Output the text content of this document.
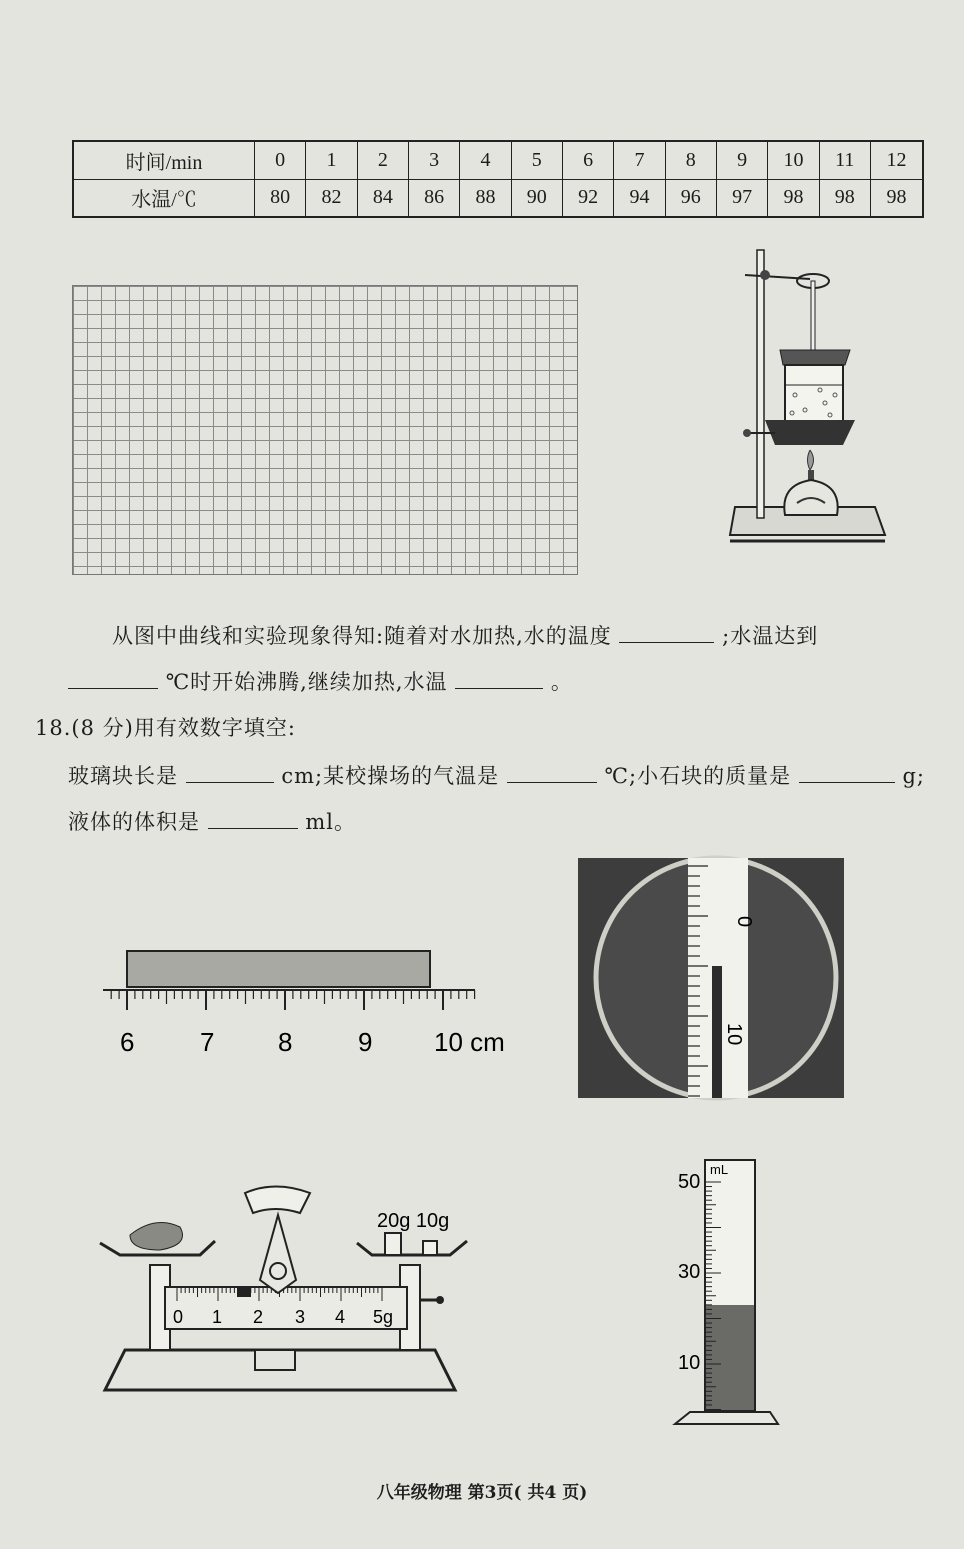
时间/min	0	1	2	3	4	5	6	7	8	9	10	11	12
水温/℃	80	82	84	86	88	90	92	94	96	97	98	98	98
从图中曲线和实验现象得知:随着对水加热,水的温度	;水温达到
℃时开始沸腾,继续加热,水温	。
18.(8 分)用有效数字填空:
玻璃块长是	cm;某校操场的气温是	℃;小石块的质量是	g;
液体的体积是	ml。
6	7 8	9 10 cm
0
10
20g 10g
0 1 2 3 4 5g
mL
50
30
10
八年级物理 第3页( 共4 页)
